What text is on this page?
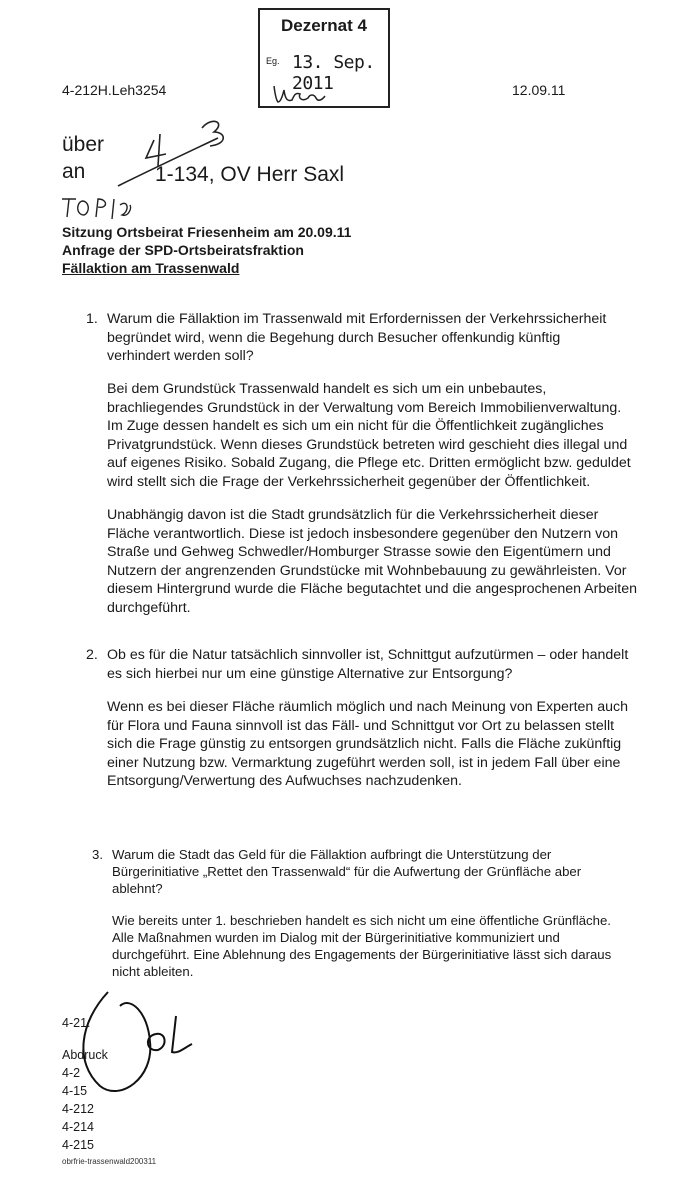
Dezernat 4
Eg. 13. Sep. 2011
4-212H.Leh3254	12.09.11
über
an	1-134, OV Herr Saxl
Sitzung Ortsbeirat Friesenheim am 20.09.11
Anfrage der SPD-Ortsbeiratsfraktion
Fällaktion am Trassenwald
1. Warum die Fällaktion im Trassenwald mit Erfordernissen der Verkehrssicherheit begründet wird, wenn die Begehung durch Besucher offenkundig künftig verhindert werden soll?
Bei dem Grundstück Trassenwald handelt es sich um ein unbebautes, brachliegendes Grundstück in der Verwaltung vom Bereich Immobilienverwaltung. Im Zuge dessen handelt es sich um ein nicht für die Öffentlichkeit zugängliches Privatgrundstück. Wenn dieses Grundstück betreten wird geschieht dies illegal und auf eigenes Risiko. Sobald Zugang, die Pflege etc. Dritten ermöglicht bzw. geduldet wird stellt sich die Frage der Verkehrssicherheit gegenüber der Öffentlichkeit.
Unabhängig davon ist die Stadt grundsätzlich für die Verkehrssicherheit dieser Fläche verantwortlich. Diese ist jedoch insbesondere gegenüber den Nutzern von Straße und Gehweg Schwedler/Homburger Strasse sowie den Eigentümern und Nutzern der angrenzenden Grundstücke mit Wohnbebauung zu gewährleisten. Vor diesem Hintergrund wurde die Fläche begutachtet und die angesprochenen Arbeiten durchgeführt.
2. Ob es für die Natur tatsächlich sinnvoller ist, Schnittgut aufzutürmen – oder handelt es sich hierbei nur um eine günstige Alternative zur Entsorgung?
Wenn es bei dieser Fläche räumlich möglich und nach Meinung von Experten auch für Flora und Fauna sinnvoll ist das Fäll- und Schnittgut vor Ort zu belassen stellt sich die Frage günstig zu entsorgen grundsätzlich nicht. Falls die Fläche zukünftig einer Nutzung bzw. Vermarktung zugeführt werden soll, ist in jedem Fall über eine Entsorgung/Verwertung des Aufwuchses nachzudenken.
3. Warum die Stadt das Geld für die Fällaktion aufbringt die Unterstützung der Bürgerinitiative „Rettet den Trassenwald“ für die Aufwertung der Grünfläche aber ablehnt?
Wie bereits unter 1. beschrieben handelt es sich nicht um eine öffentliche Grünfläche. Alle Maßnahmen wurden im Dialog mit der Bürgerinitiative kommuniziert und durchgeführt. Eine Ablehnung des Engagements der Bürgerinitiative lässt sich daraus nicht ableiten.
4-21:
Abdruck
4-2
4-15
4-212
4-214
4-215
obrfrie-trassenwald200311
